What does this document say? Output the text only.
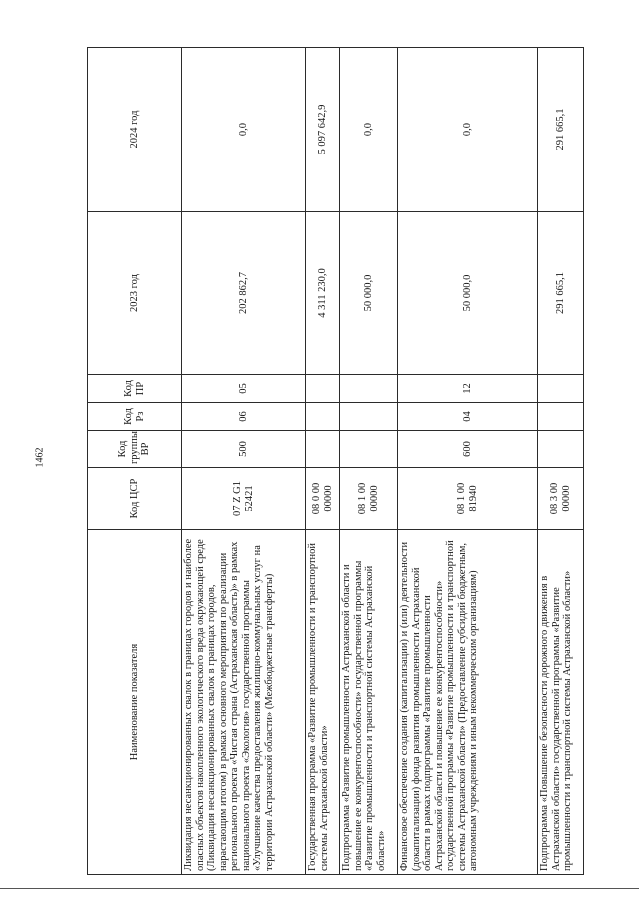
1462
Наименование показателя	Код ЦСР	Код группы ВР	Код Рз	Код ПР	2023 год	2024 год
Ликвидация несанкционированных свалок в границах городов и наиболее опасных объектов накопленного экологического вреда окружающей среде (Ликвидация несанкционированных свалок в границах городов, нарастающим итогом) в рамках основного мероприятия по реализации регионального проекта «Чистая страна (Астраханская область)» в рамках национального проекта «Экология» государственной программы «Улучшение качества предоставления жилищно-коммунальных услуг на территории Астраханской области» (Межбюджетные трансферты)	07 Z G1 52421	500	06	05	202 862,7	0,0
Государственная программа «Развитие промышленности и транспортной системы Астраханской области»	08 0 00 00000				4 311 230,0	5 097 642,9
Подпрограмма «Развитие промышленности Астраханской области и повышение ее конкурентоспособности» государственной программы «Развитие промышленности и транспортной системы Астраханской области»	08 1 00 00000				50 000,0	0,0
Финансовое обеспечение создания (капитализации) и (или) деятельности (докапитализации) фонда развития промышленности Астраханской области в рамках подпрограммы «Развитие промышленности Астраханской области и повышение ее конкурентоспособности» государственной программы «Развитие промышленности и транспортной системы Астраханской области» (Предоставление субсидий бюджетным, автономным учреждениям и иным некоммерческим организациям)	08 1 00 81940	600	04	12	50 000,0	0,0
Подпрограмма «Повышение безопасности дорожного движения в Астраханской области» государственной программы «Развитие промышленности и транспортной системы Астраханской области»	08 3 00 00000				291 665,1	291 665,1
